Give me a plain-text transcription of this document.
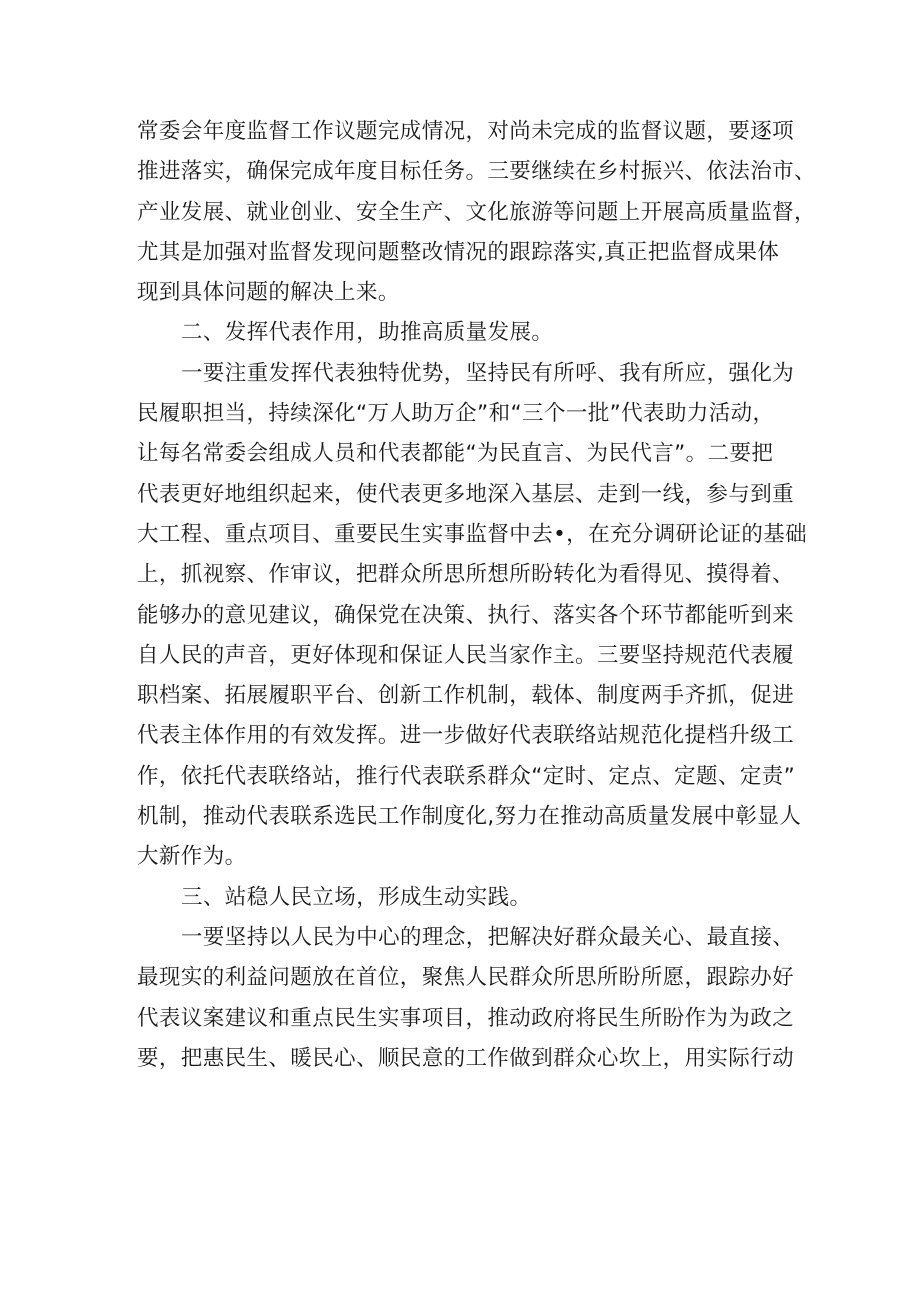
常委会年度监督工作议题完成情况，对尚未完成的监督议题，要逐项
推进落实，确保完成年度目标任务。三要继续在乡村振兴、依法治市、
产业发展、就业创业、安全生产、文化旅游等问题上开展高质量监督，
尤其是加强对监督发现问题整改情况的跟踪落实,真正把监督成果体
现到具体问题的解决上来。
二、发挥代表作用，助推高质量发展。
一要注重发挥代表独特优势，坚持民有所呼、我有所应，强化为
民履职担当，持续深化“万人助万企”和“三个一批”代表助力活动，
让每名常委会组成人员和代表都能“为民直言、为民代言”。二要把
代表更好地组织起来，使代表更多地深入基层、走到一线，参与到重
大工程、重点项目、重要民生实事监督中去•，在充分调研论证的基础
上，抓视察、作审议，把群众所思所想所盼转化为看得见、摸得着、
能够办的意见建议，确保党在决策、执行、落实各个环节都能听到来
自人民的声音，更好体现和保证人民当家作主。三要坚持规范代表履
职档案、拓展履职平台、创新工作机制，载体、制度两手齐抓，促进
代表主体作用的有效发挥。进一步做好代表联络站规范化提档升级工
作，依托代表联络站，推行代表联系群众“定时、定点、定题、定责”
机制，推动代表联系选民工作制度化,努力在推动高质量发展中彰显人
大新作为。
三、站稳人民立场，形成生动实践。
一要坚持以人民为中心的理念，把解决好群众最关心、最直接、
最现实的利益问题放在首位，聚焦人民群众所思所盼所愿，跟踪办好
代表议案建议和重点民生实事项目，推动政府将民生所盼作为为政之
要，把惠民生、暖民心、顺民意的工作做到群众心坎上，用实际行动
